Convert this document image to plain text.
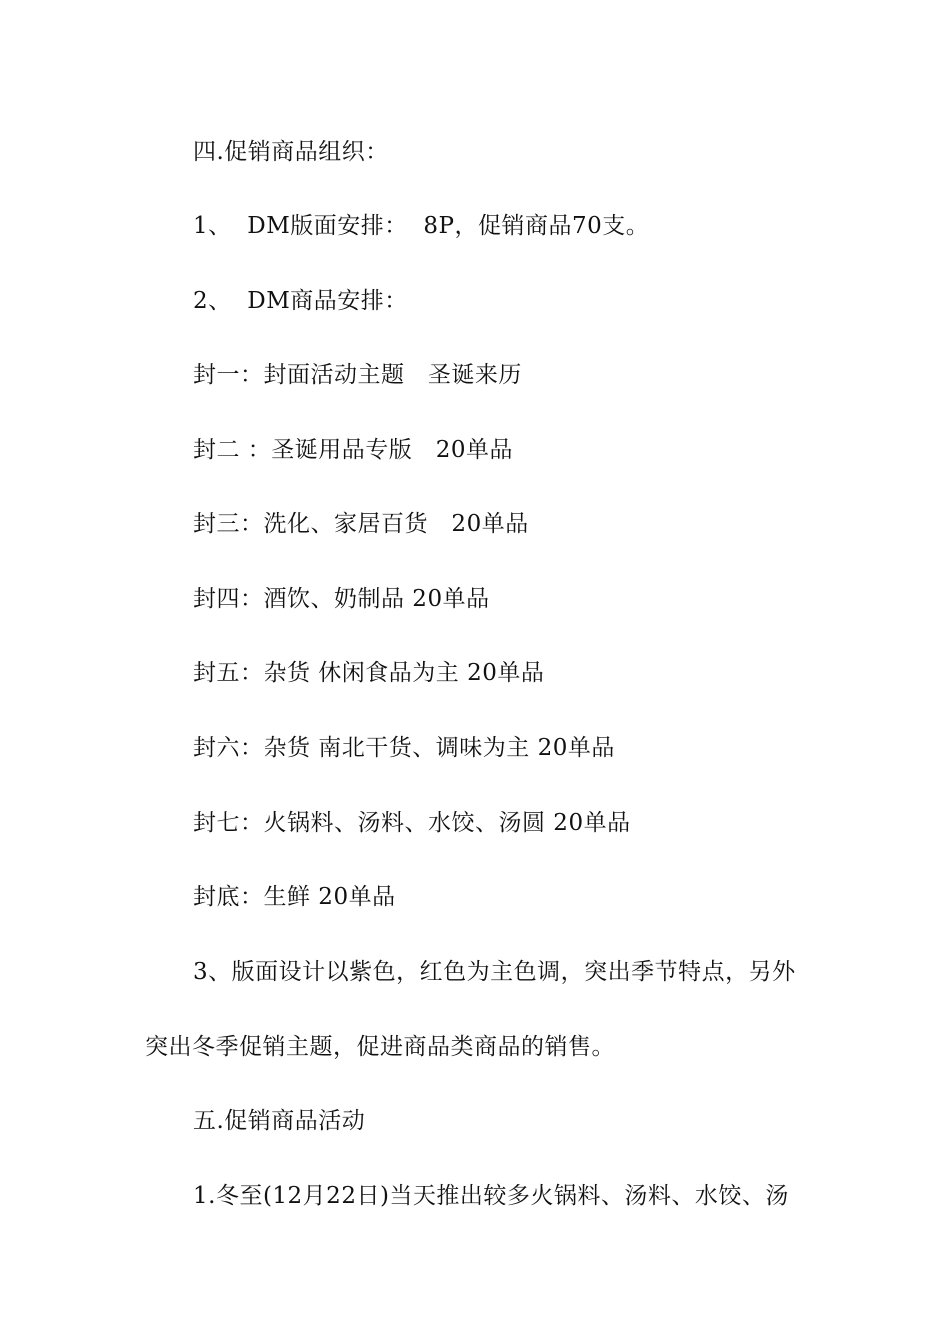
四.促销商品组织：
1、  DM版面安排：  8P，促销商品70支。
2、  DM商品安排：
封一：封面活动主题   圣诞来历
封二 ：圣诞用品专版   20单品
封三：洗化、家居百货   20单品
封四：酒饮、奶制品 20单品
封五：杂货 休闲食品为主 20单品
封六：杂货 南北干货、调味为主 20单品
封七：火锅料、汤料、水饺、汤圆 20单品
封底：生鲜 20单品
3、版面设计以紫色，红色为主色调，突出季节特点，另外
突出冬季促销主题，促进商品类商品的销售。
五.促销商品活动
1.冬至(12月22日)当天推出较多火锅料、汤料、水饺、汤
